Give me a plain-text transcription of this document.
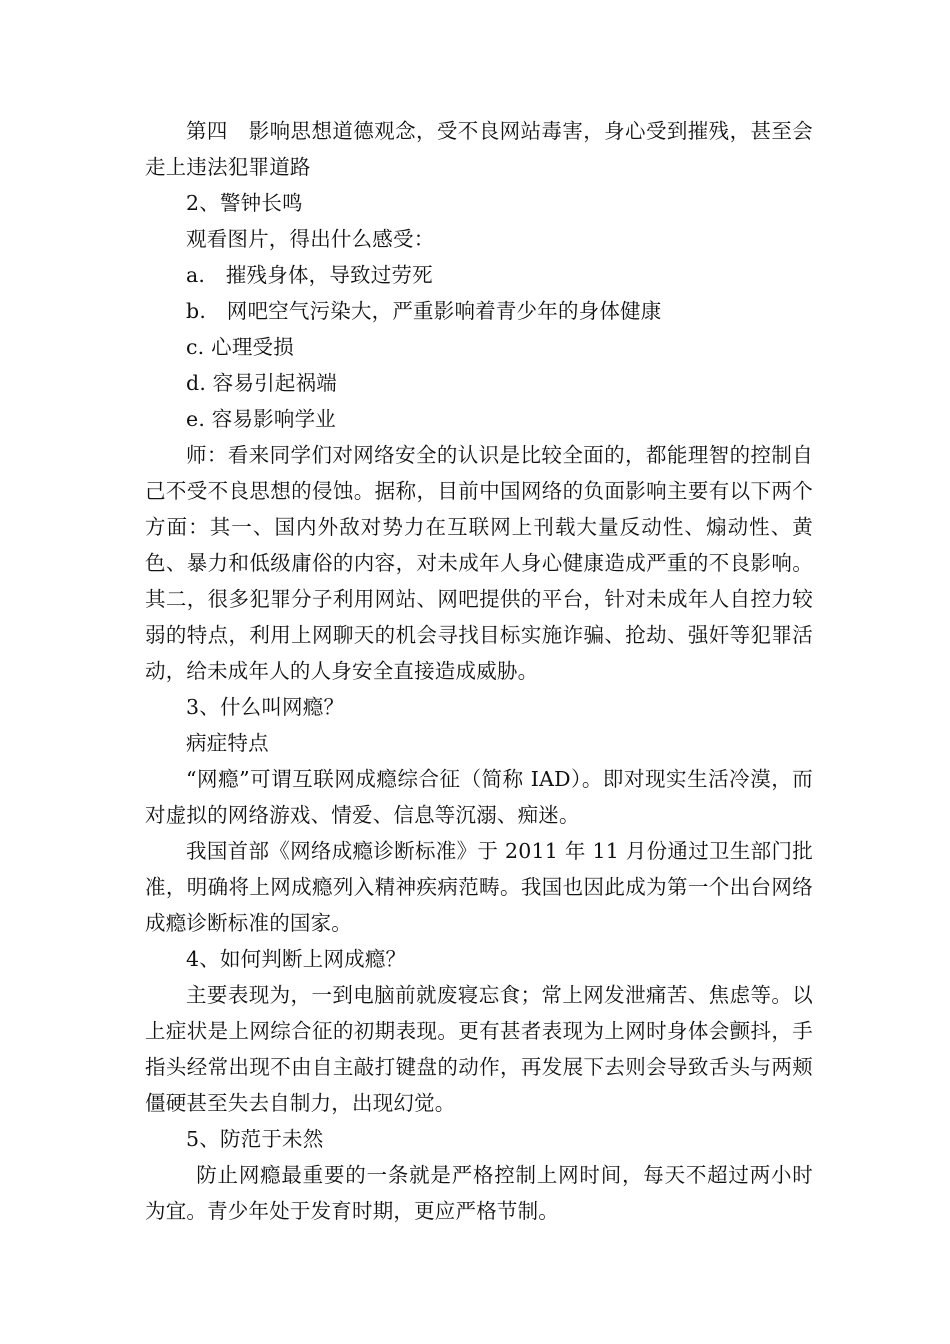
第四　影响思想道德观念，受不良网站毒害，身心受到摧残，甚至会走上违法犯罪道路

2、警钟长鸣

观看图片，得出什么感受：

a.　摧残身体，导致过劳死

b.　网吧空气污染大，严重影响着青少年的身体健康

c. 心理受损

d. 容易引起祸端

e. 容易影响学业

师：看来同学们对网络安全的认识是比较全面的，都能理智的控制自己不受不良思想的侵蚀。据称，目前中国网络的负面影响主要有以下两个方面：其一、国内外敌对势力在互联网上刊载大量反动性、煽动性、黄色、暴力和低级庸俗的内容，对未成年人身心健康造成严重的不良影响。其二，很多犯罪分子利用网站、网吧提供的平台，针对未成年人自控力较弱的特点，利用上网聊天的机会寻找目标实施诈骗、抢劫、强奸等犯罪活动，给未成年人的人身安全直接造成威胁。

3、什么叫网瘾？

病症特点

“网瘾”可谓互联网成瘾综合征（简称 IAD）。即对现实生活冷漠，而对虚拟的网络游戏、情爱、信息等沉溺、痴迷。

我国首部《网络成瘾诊断标准》于 2011 年 11 月份通过卫生部门批准，明确将上网成瘾列入精神疾病范畴。我国也因此成为第一个出台网络成瘾诊断标准的国家。

4、如何判断上网成瘾？

主要表现为，一到电脑前就废寝忘食；常上网发泄痛苦、焦虑等。以上症状是上网综合征的初期表现。更有甚者表现为上网时身体会颤抖，手指头经常出现不由自主敲打键盘的动作，再发展下去则会导致舌头与两颊僵硬甚至失去自制力，出现幻觉。

5、防范于未然

防止网瘾最重要的一条就是严格控制上网时间，每天不超过两小时为宜。青少年处于发育时期，更应严格节制。
